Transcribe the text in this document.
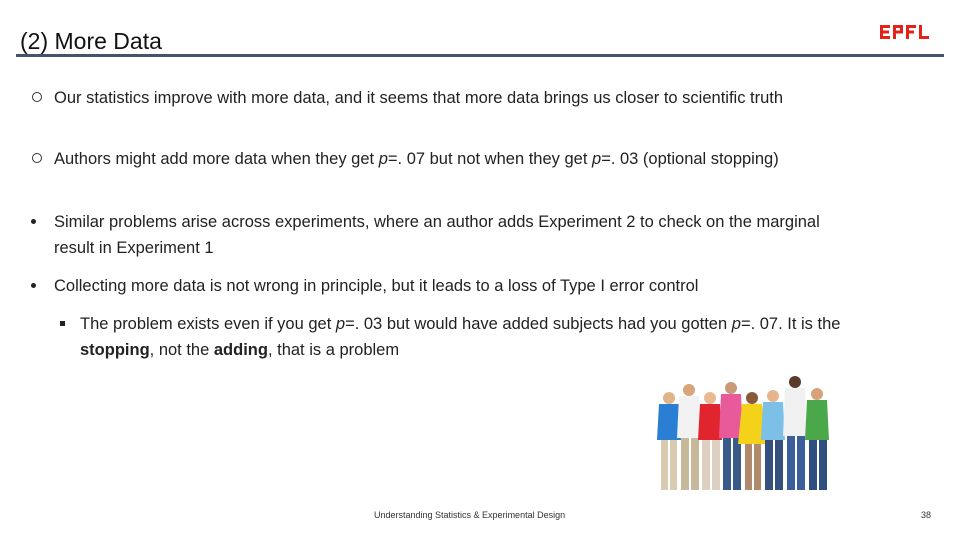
(2) More Data
Our statistics improve with more data, and it seems that more data brings us closer to scientific truth
Authors might add more data when they get p=. 07 but not when they get p=. 03 (optional stopping)
Similar problems arise across experiments, where an author adds Experiment 2 to check on the marginal result in Experiment 1
Collecting more data is not wrong in principle, but it leads to a loss of Type I error control
The problem exists even if you get p=. 03 but would have added subjects had you gotten p=. 07. It is the stopping, not the adding, that is a problem
Understanding Statistics & Experimental Design	38
